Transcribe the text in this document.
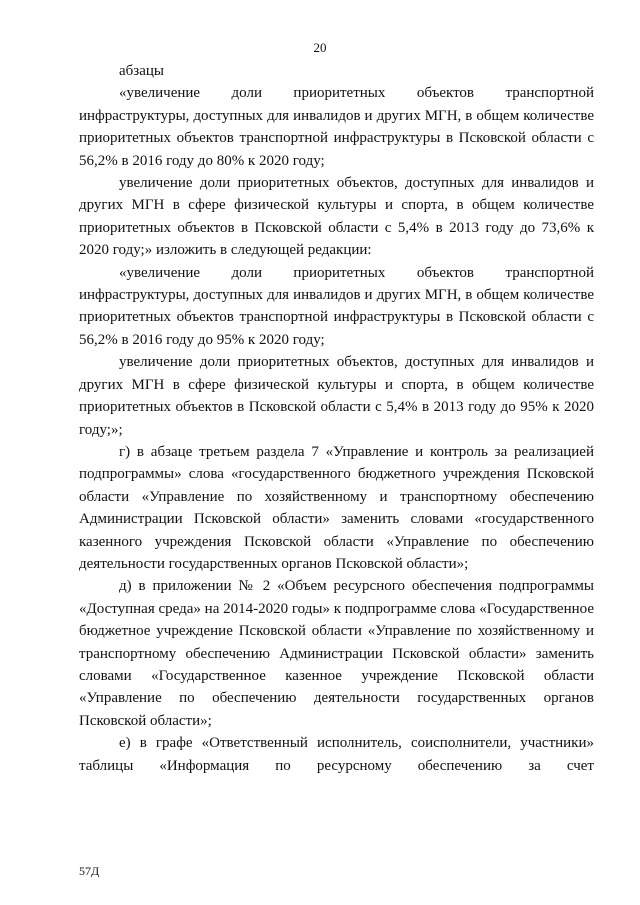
20

абзацы

«увеличение доли приоритетных объектов транспортной инфраструктуры, доступных для инвалидов и других МГН, в общем количестве приоритетных объектов транспортной инфраструктуры в Псковской области с 56,2% в 2016 году до 80% к 2020 году;

увеличение доли приоритетных объектов, доступных для инвалидов и других МГН в сфере физической культуры и спорта, в общем количестве приоритетных объектов в Псковской области с 5,4% в 2013 году до 73,6% к 2020 году;» изложить в следующей редакции:

«увеличение доли приоритетных объектов транспортной инфраструктуры, доступных для инвалидов и других МГН, в общем количестве приоритетных объектов транспортной инфраструктуры в Псковской области с 56,2% в 2016 году до 95% к 2020 году;

увеличение доли приоритетных объектов, доступных для инвалидов и других МГН в сфере физической культуры и спорта, в общем количестве приоритетных объектов в Псковской области с 5,4% в 2013 году до 95% к 2020 году;»;

г) в абзаце третьем раздела 7 «Управление и контроль за реализацией подпрограммы» слова «государственного бюджетного учреждения Псковской области «Управление по хозяйственному и транспортному обеспечению Администрации Псковской области» заменить словами «государственного казенного учреждения Псковской области «Управление по обеспечению деятельности государственных органов Псковской области»;

д) в приложении № 2 «Объем ресурсного обеспечения подпрограммы «Доступная среда» на 2014-2020 годы» к подпрограмме слова «Государственное бюджетное учреждение Псковской области «Управление по хозяйственному и транспортному обеспечению Администрации Псковской области» заменить словами «Государственное казенное учреждение Псковской области «Управление по обеспечению деятельности государственных органов Псковской области»;

е) в графе «Ответственный исполнитель, соисполнители, участники» таблицы «Информация по ресурсному обеспечению за счет

57Д
